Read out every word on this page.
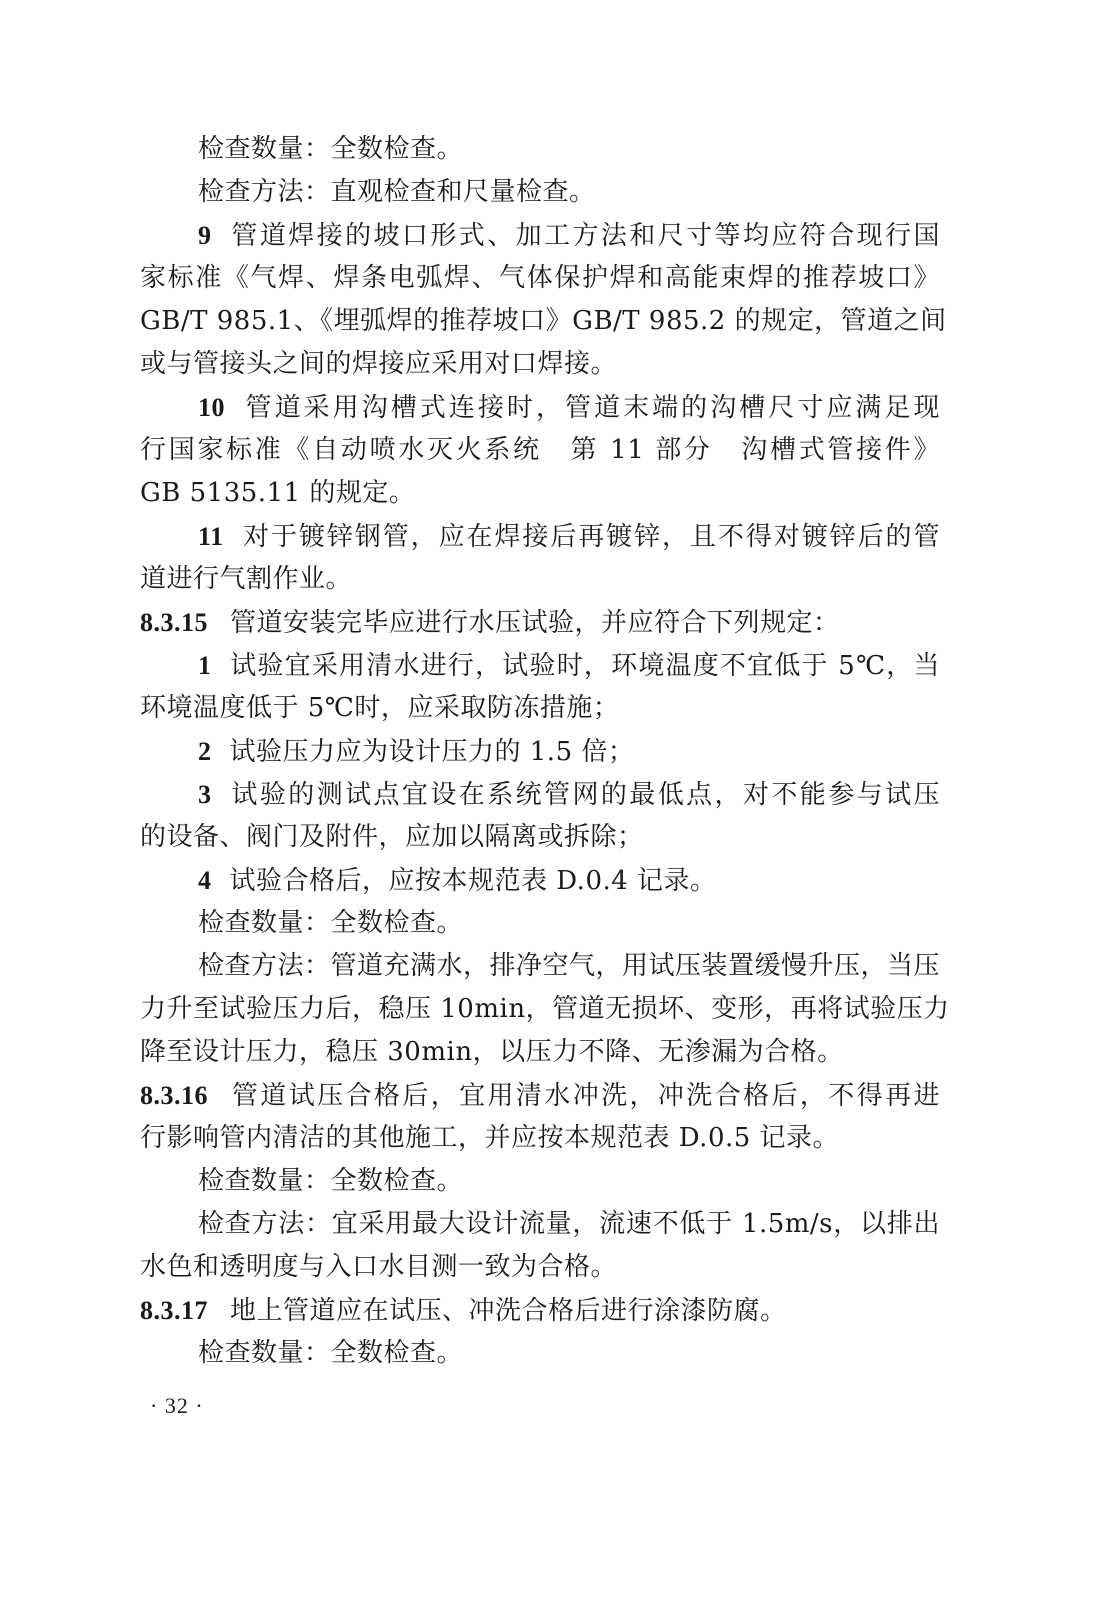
检查数量：全数检查。
检查方法：直观检查和尺量检查。
9 管道焊接的坡口形式、加工方法和尺寸等均应符合现行国
家标准《气焊、焊条电弧焊、气体保护焊和高能束焊的推荐坡口》
GB/T 985.1、《埋弧焊的推荐坡口》GB/T 985.2 的规定，管道之间
或与管接头之间的焊接应采用对口焊接。
10 管道采用沟槽式连接时，管道末端的沟槽尺寸应满足现
行国家标准《自动喷水灭火系统　第 11 部分　沟槽式管接件》
GB 5135.11 的规定。
11 对于镀锌钢管，应在焊接后再镀锌，且不得对镀锌后的管
道进行气割作业。
8.3.15 管道安装完毕应进行水压试验，并应符合下列规定：
1 试验宜采用清水进行，试验时，环境温度不宜低于 5℃，当
环境温度低于 5℃时，应采取防冻措施；
2 试验压力应为设计压力的 1.5 倍；
3 试验的测试点宜设在系统管网的最低点，对不能参与试压
的设备、阀门及附件，应加以隔离或拆除；
4 试验合格后，应按本规范表 D.0.4 记录。
检查数量：全数检查。
检查方法：管道充满水，排净空气，用试压装置缓慢升压，当压
力升至试验压力后，稳压 10min，管道无损坏、变形，再将试验压力
降至设计压力，稳压 30min，以压力不降、无渗漏为合格。
8.3.16 管道试压合格后，宜用清水冲洗，冲洗合格后，不得再进
行影响管内清洁的其他施工，并应按本规范表 D.0.5 记录。
检查数量：全数检查。
检查方法：宜采用最大设计流量，流速不低于 1.5m/s，以排出
水色和透明度与入口水目测一致为合格。
8.3.17 地上管道应在试压、冲洗合格后进行涂漆防腐。
检查数量：全数检查。
· 32 ·
